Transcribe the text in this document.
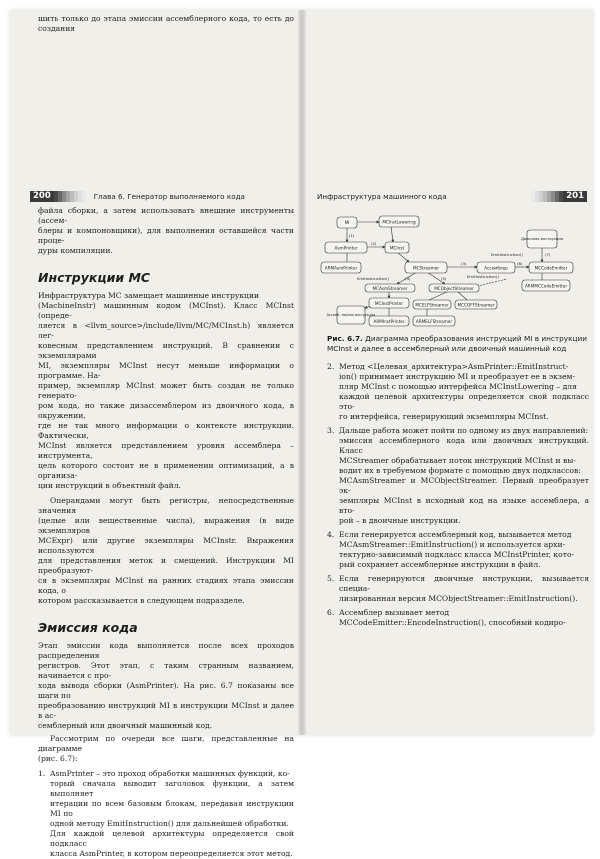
шить только до этапа эмиссии ассемблерного кода, то есть до создания
200	Глава 6. Генератор выполняемого кода
файла сборки, а затем использовать внешние инструменты (ассем-
блеры и компоновщики), для выполнения оставшейся части проце-
дуры компиляции.
Инструкции MC
Инфраструктура MC замещает машинные инструкции
(MachineInstr) машинным кодом (MCInst). Класс MCInst (опреде-
ляется в <llvm_source>/include/llvm/MC/MCInst.h) является лег-
ковесным представлением инструкций. В сравнении с экземплярами
MI, экземпляры MCInst несут меньше информации о программе. На-
пример, экземпляр MCInst может быть создан не только генерато-
ром кода, но также дизассемблером из двоичного кода, в окружении,
где не так много информации о контексте инструкции. Фактически,
MCInst является представлением уровня ассемблера – инструмента,
цель которого состоит не в применении оптимизаций, а в организа-
ции инструкций в объектный файл.
Операндами могут быть регистры, непосредственные значения
(целые или вещественные числа), выражения (в виде экземпляров
MCExpr) или другие экземпляры MCInstr. Выражения используются
для представления меток и смещений. Инструкции MI преобразуют-
ся в экземпляры MCInst на ранних стадиях этапа эмиссии кода, о
котором рассказывается в следующем подразделе.
Эмиссия кода
Этап эмиссии кода выполняется после всех проходов распределения
регистров. Этот этап, с таким странным названием, начинается с про-
хода вывода сборки (AsmPrinter). На рис. 6.7 показаны все шаги по
преобразованию инструкций MI в инструкции MCInst и далее в ас-
семблерный или двоичный машинный код.
Рассмотрим по очереди все шаги, представленные на диаграмме
(рис. 6.7):
1. AsmPrinter – это проход обработки машинных функций, ко-
торый сначала выводит заголовок функции, а затем выполняет
итерации по всем базовым блокам, передавая инструкции MI по
одной методу EmitInstruction() для дальнейшей обработки.
Для каждой целевой архитектуры определяется свой подкласс
класса AsmPrinter, в котором переопределяется этот метод.
Инфраструктура машинного кода	201
MI	MCInstLowering
AsmPrinter	MCInst
ARMAsmPrinter	MCStreamer	Ассемблер	MCCodeEmitter
Двоичная инструкция
ARMMCCodeEmitter
MCAsmStreamer	MCObjectStreamer
MCInstPrinter	MCELFStreamer MCCOFFStreamer
Ассемб- лерная инструкция
ARMInstPrinter	ARMELFStreamer
(1)
(2)
(3)
(4)	(5)
(6)
(7)
EmitInstruction()	EmitInstruction()
EmitInstruction()
Рис. 6.7. Диаграмма преобразования инструкций MI в инструкции
MCInst и далее в ассемблерный или двоичный машинный код
2. Метод <Целевая_архитектура>AsmPrinter::EmitInstruct-
ion() принимает инструкцию MI и преобразует ее в экзем-
пляр MCInst с помощью интерфейса MCInstLowering – для
каждой целевой архитектуры определяется свой подкласс это-
го интерфейса, генерирующий экземпляры MCInst.
3. Дальше работа может пойти по одному из двух направлений:
эмиссия ассемблерного кода или двоичных инструкций. Класс
MCStreamer обрабатывает поток инструкций MCInst и вы-
водит их в требуемом формате с помощью двух подклассов:
MCAsmStreamer и MCObjectStreamer. Первый преобразует эк-
земпляры MCInst в исходный код на языке ассемблера, а вто-
рой – в двоичные инструкции.
4. Если генерируется ассемблерный код, вызывается метод
MCAsmStreamer::EmitInstruction() и используется архи-
тектурно-зависимый подкласс класса MCInstPrinter, кото-
рый сохраняет ассемблерные инструкции в файл.
5. Если генерируются двоичные инструкции, вызывается специа-
лизированная версия MCObjectStreamer::EmitInstruction().
6. Ассемблер вызывает метод
MCCodeEmitter::EncodeInstruction(), способный кодиро-
